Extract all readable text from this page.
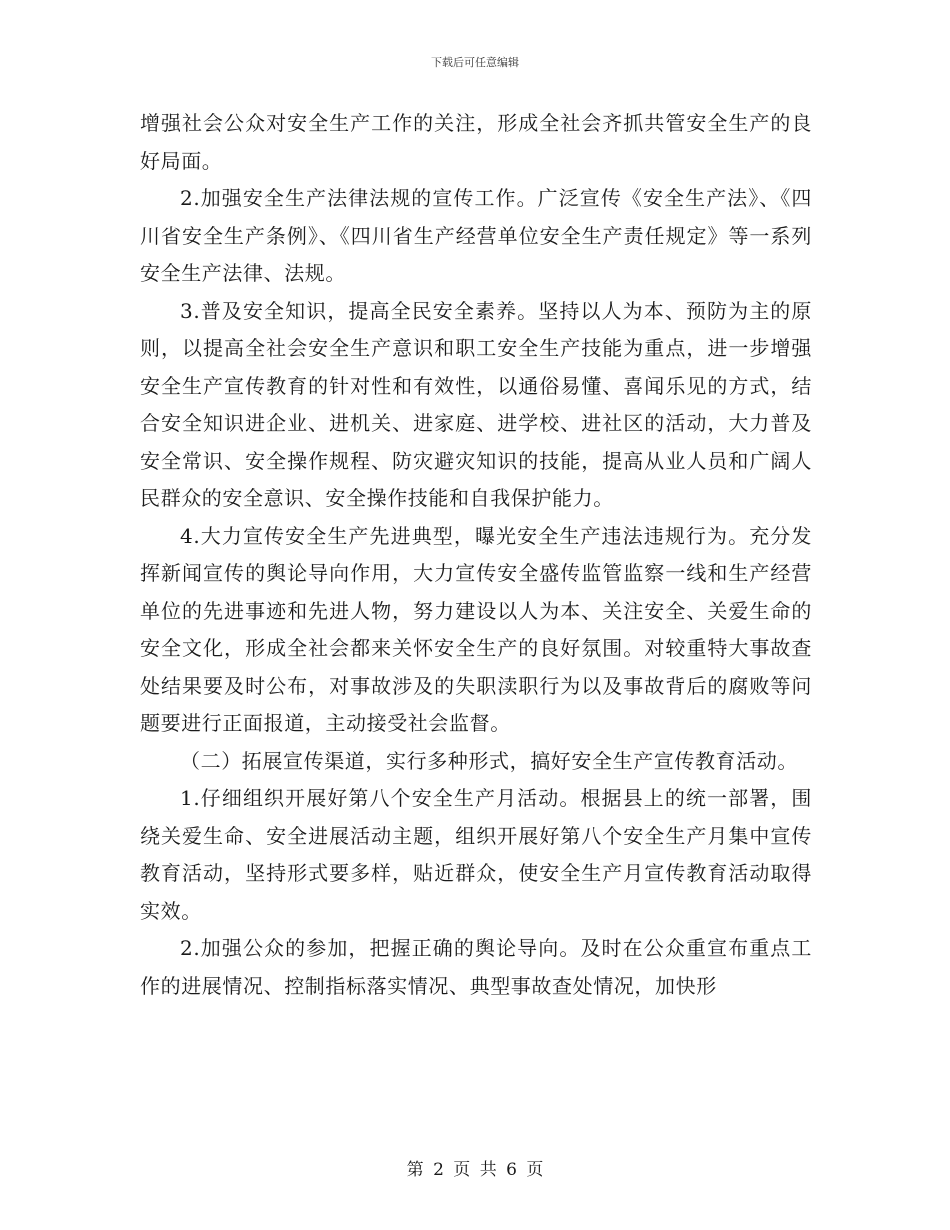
下载后可任意编辑

增强社会公众对安全生产工作的关注，形成全社会齐抓共管安全生产的良好局面。

2.加强安全生产法律法规的宣传工作。广泛宣传《安全生产法》、《四川省安全生产条例》、《四川省生产经营单位安全生产责任规定》等一系列安全生产法律、法规。

3.普及安全知识，提高全民安全素养。坚持以人为本、预防为主的原则，以提高全社会安全生产意识和职工安全生产技能为重点，进一步增强安全生产宣传教育的针对性和有效性，以通俗易懂、喜闻乐见的方式，结合安全知识进企业、进机关、进家庭、进学校、进社区的活动，大力普及安全常识、安全操作规程、防灾避灾知识的技能，提高从业人员和广阔人民群众的安全意识、安全操作技能和自我保护能力。

4.大力宣传安全生产先进典型，曝光安全生产违法违规行为。充分发挥新闻宣传的舆论导向作用，大力宣传安全盛传监管监察一线和生产经营单位的先进事迹和先进人物，努力建设以人为本、关注安全、关爱生命的安全文化，形成全社会都来关怀安全生产的良好氛围。对较重特大事故查处结果要及时公布，对事故涉及的失职渎职行为以及事故背后的腐败等问题要进行正面报道，主动接受社会监督。

（二）拓展宣传渠道，实行多种形式，搞好安全生产宣传教育活动。

1.仔细组织开展好第八个安全生产月活动。根据县上的统一部署，围绕关爱生命、安全进展活动主题，组织开展好第八个安全生产月集中宣传教育活动，坚持形式要多样，贴近群众，使安全生产月宣传教育活动取得实效。

2.加强公众的参加，把握正确的舆论导向。及时在公众重宣布重点工作的进展情况、控制指标落实情况、典型事故查处情况，加快形

第 2 页 共 6 页
